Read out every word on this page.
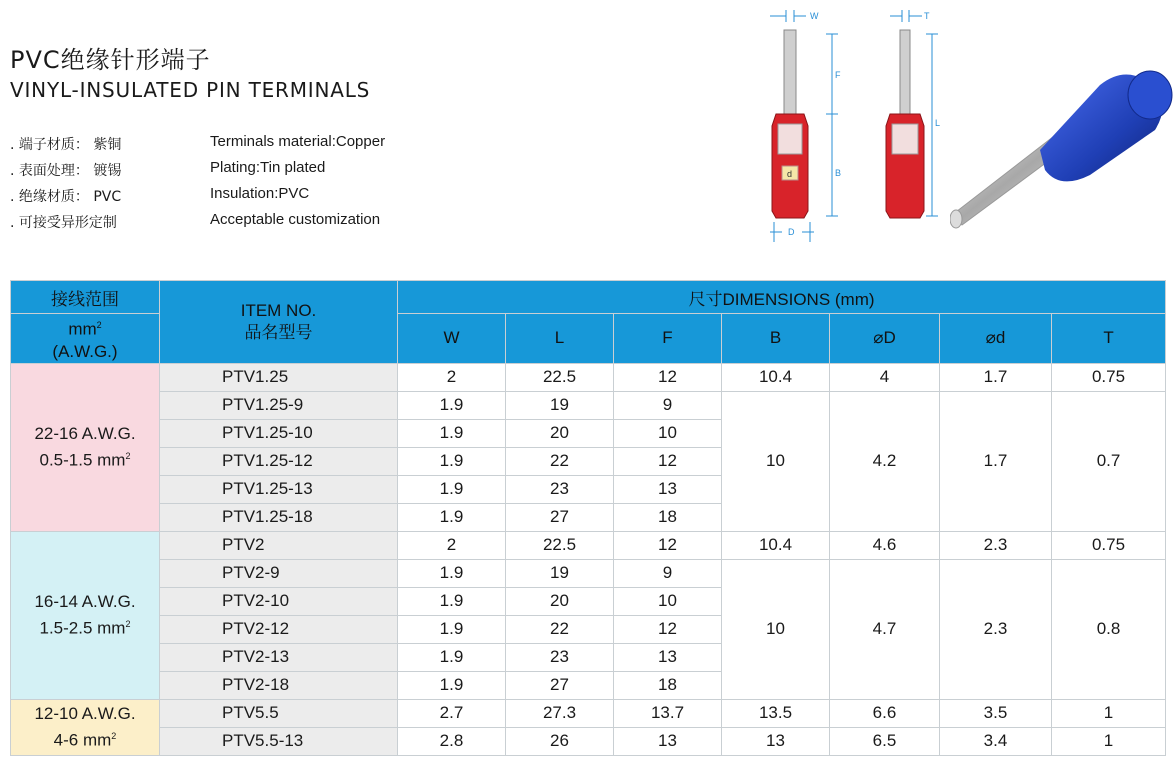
PVC绝缘针形端子
VINYL-INSULATED PIN TERMINALS
. 端子材质： 紫铜	Terminals material:Copper
. 表面处理： 镀锡	Plating:Tin plated
. 绝缘材质： PVC	Insulation:PVC
. 可接受异形定制	Acceptable customization
W	T
F
B
L
d
D
接线范围	ITEM NO.
品名型号	尺寸DIMENSIONS (mm)						

$mm^2$
(A.W.G.)		W	L	F	B	⌀D	⌀d	T

22-16 A.W.G.
0.5-1.5 $mm^2$	PTV1.25	2	22.5	12	10.4	4	1.7	0.75
	PTV1.25-9	1.9	19	9	10	4.2	1.7	0.7
	PTV1.25-10	1.9	20	10				
	PTV1.25-12	1.9	22	12				
	PTV1.25-13	1.9	23	13				
	PTV1.25-18	1.9	27	18				

16-14 A.W.G.
1.5-2.5 $mm^2$	PTV2	2	22.5	12	10.4	4.6	2.3	0.75
	PTV2-9	1.9	19	9	10	4.7	2.3	0.8
	PTV2-10	1.9	20	10				
	PTV2-12	1.9	22	12				
	PTV2-13	1.9	23	13				
	PTV2-18	1.9	27	18				

12-10 A.W.G.
4-6 $mm^2$	PTV5.5	2.7	27.3	13.7	13.5	6.6	3.5	1
	PTV5.5-13	2.8	26	13	13	6.5	3.4	1
